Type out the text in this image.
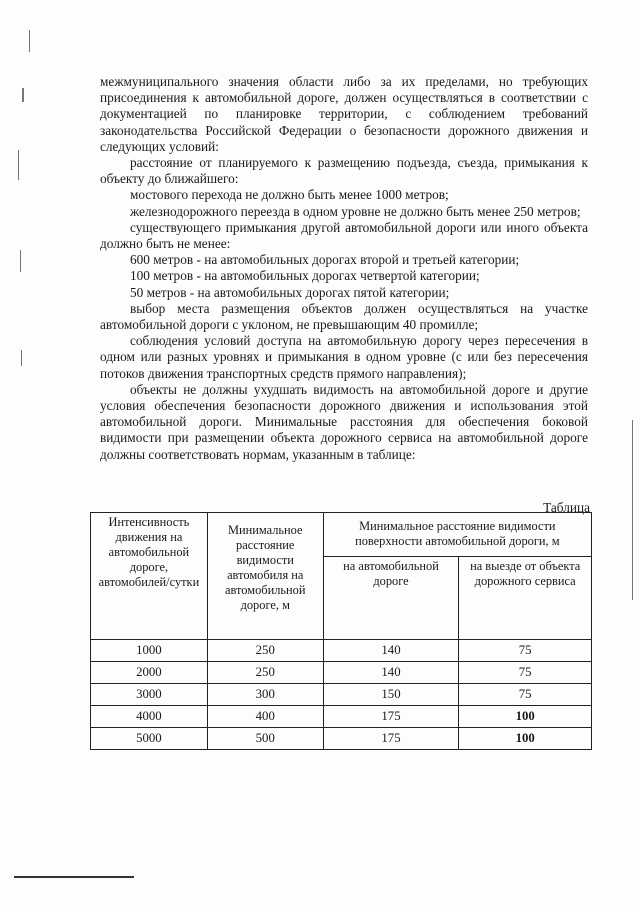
межмуниципального значения области либо за их пределами, но требующих присоединения к автомобильной дороге, должен осуществляться в соответствии с документацией по планировке территории, с соблюдением требований законодательства Российской Федерации о безопасности дорожного движения и следующих условий:

расстояние от планируемого к размещению подъезда, съезда, примыкания к объекту до ближайшего:

мостового перехода не должно быть менее 1000 метров;

железнодорожного переезда в одном уровне не должно быть менее 250 метров;

существующего примыкания другой автомобильной дороги или иного объекта должно быть не менее:

600 метров - на автомобильных дорогах второй и третьей категории;

100 метров - на автомобильных дорогах четвертой категории;

50 метров - на автомобильных дорогах пятой категории;

выбор места размещения объектов должен осуществляться на участке автомобильной дороги с уклоном, не превышающим 40 промилле;

соблюдения условий доступа на автомобильную дорогу через пересечения в одном или разных уровнях и примыкания в одном уровне (с или без пересечения потоков движения транспортных средств прямого направления);

объекты не должны ухудшать видимость на автомобильной дороге и другие условия обеспечения безопасности дорожного движения и использования этой автомобильной дороги. Минимальные расстояния для обеспечения боковой видимости при размещении объекта дорожного сервиса на автомобильной дороге должны соответствовать нормам, указанным в таблице:

Таблица
Интенсивность движения на автомобильной дороге, автомобилей/сутки	Минимальное расстояние видимости автомобиля на автомобильной дороге, м	Минимальное расстояние видимости поверхности автомобильной дороги, м	
		на автомобильной дороге	на выезде от объекта дорожного сервиса
1000	250	140	75
2000	250	140	75
3000	300	150	75
4000	400	175	100
5000	500	175	100
